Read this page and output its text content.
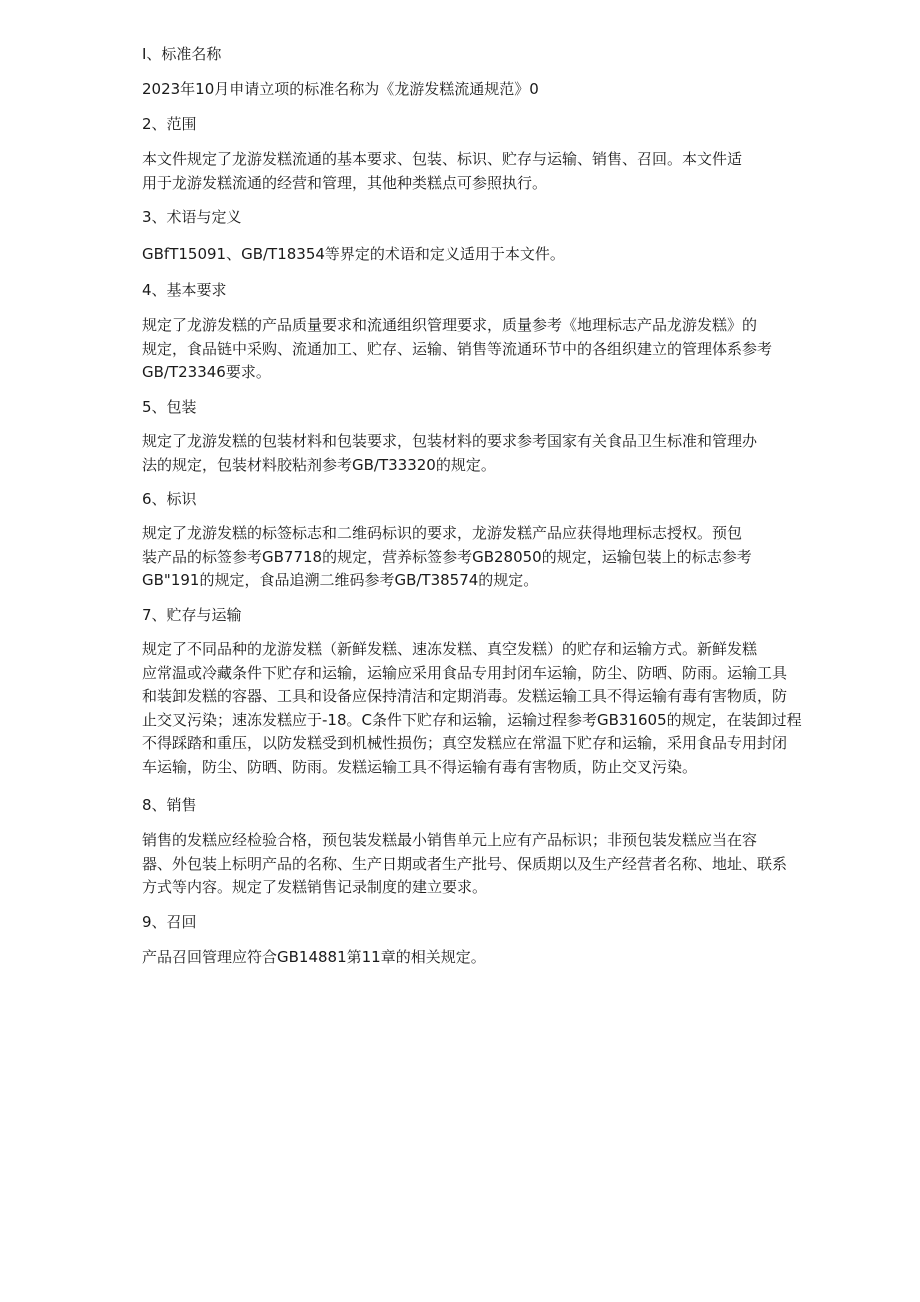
I、标准名称
2023年10月申请立项的标准名称为《龙游发糕流通规范》0
2、范围
本文件规定了龙游发糕流通的基本要求、包装、标识、贮存与运输、销售、召回。本文件适
用于龙游发糕流通的经营和管理，其他种类糕点可参照执行。
3、术语与定义
GBfT15091、GB/T18354等界定的术语和定义适用于本文件。
4、基本要求
规定了龙游发糕的产品质量要求和流通组织管理要求，质量参考《地理标志产品龙游发糕》的
规定，食品链中采购、流通加工、贮存、运输、销售等流通环节中的各组织建立的管理体系参考
GB/T23346要求。
5、包装
规定了龙游发糕的包装材料和包装要求，包装材料的要求参考国家有关食品卫生标准和管理办
法的规定，包装材料胶粘剂参考GB/T33320的规定。
6、标识
规定了龙游发糕的标签标志和二维码标识的要求，龙游发糕产品应获得地理标志授权。预包
装产品的标签参考GB7718的规定，营养标签参考GB28050的规定，运输包装上的标志参考
GB"191的规定，食品追溯二维码参考GB/T38574的规定。
7、贮存与运输
规定了不同品种的龙游发糕（新鲜发糕、速冻发糕、真空发糕）的贮存和运输方式。新鲜发糕
应常温或冷藏条件下贮存和运输，运输应采用食品专用封闭车运输，防尘、防晒、防雨。运输工具
和装卸发糕的容器、工具和设备应保持清洁和定期消毒。发糕运输工具不得运输有毒有害物质，防
止交叉污染；速冻发糕应于-18。C条件下贮存和运输，运输过程参考GB31605的规定，在装卸过程
不得踩踏和重压，以防发糕受到机械性损伤；真空发糕应在常温下贮存和运输，采用食品专用封闭
车运输，防尘、防晒、防雨。发糕运输工具不得运输有毒有害物质，防止交叉污染。
8、销售
销售的发糕应经检验合格，预包装发糕最小销售单元上应有产品标识；非预包装发糕应当在容
器、外包装上标明产品的名称、生产日期或者生产批号、保质期以及生产经营者名称、地址、联系
方式等内容。规定了发糕销售记录制度的建立要求。
9、召回
产品召回管理应符合GB14881第11章的相关规定。
